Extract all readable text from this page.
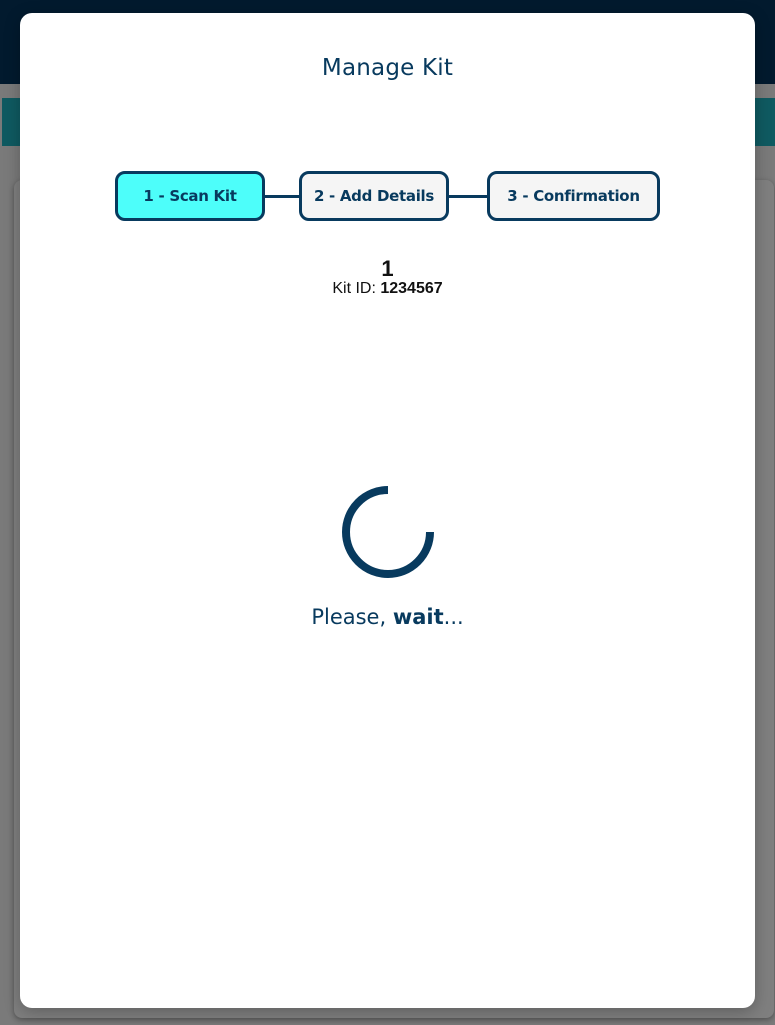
Manage Kit
1 - Scan Kit	2 - Add Details	3 - Confirmation
1
Kit ID: 1234567
Please, wait...
